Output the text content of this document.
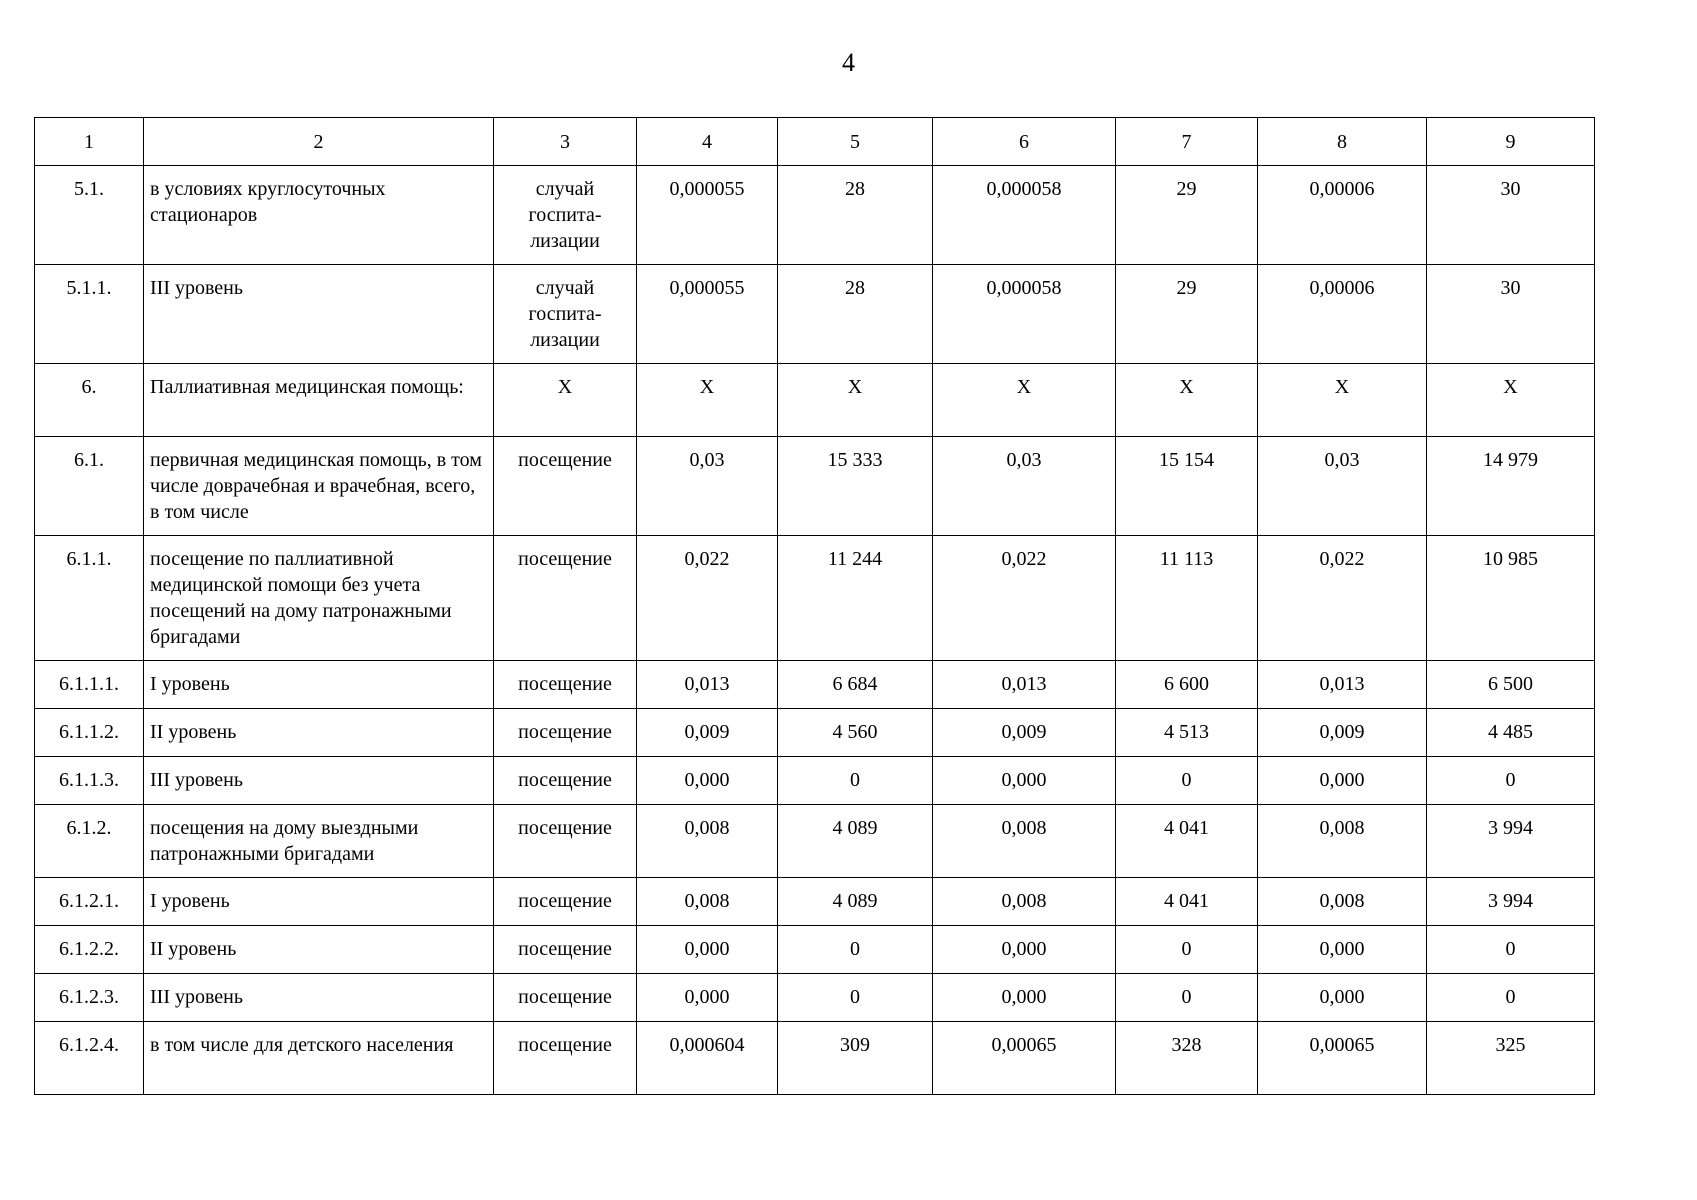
4
1	2	3	4	5	6	7	8	9
5.1.	в условиях круглосуточных стационаров	случай госпита-лизации	0,000055	28	0,000058	29	0,00006	30
5.1.1.	III уровень	случай госпита-лизации	0,000055	28	0,000058	29	0,00006	30
6.	Паллиативная медицинская помощь:	Х	Х	Х	Х	Х	Х	Х
6.1.	первичная медицинская помощь, в том числе доврачебная и врачебная, всего, в том числе	посещение	0,03	15 333	0,03	15 154	0,03	14 979
6.1.1.	посещение по паллиативной медицинской помощи без учета посещений на дому патронажными бригадами	посещение	0,022	11 244	0,022	11 113	0,022	10 985
6.1.1.1.	I уровень	посещение	0,013	6 684	0,013	6 600	0,013	6 500
6.1.1.2.	II уровень	посещение	0,009	4 560	0,009	4 513	0,009	4 485
6.1.1.3.	III уровень	посещение	0,000	0	0,000	0	0,000	0
6.1.2.	посещения на дому выездными патронажными бригадами	посещение	0,008	4 089	0,008	4 041	0,008	3 994
6.1.2.1.	I уровень	посещение	0,008	4 089	0,008	4 041	0,008	3 994
6.1.2.2.	II уровень	посещение	0,000	0	0,000	0	0,000	0
6.1.2.3.	III уровень	посещение	0,000	0	0,000	0	0,000	0
6.1.2.4.	в том числе для детского населения	посещение	0,000604	309	0,00065	328	0,00065	325
